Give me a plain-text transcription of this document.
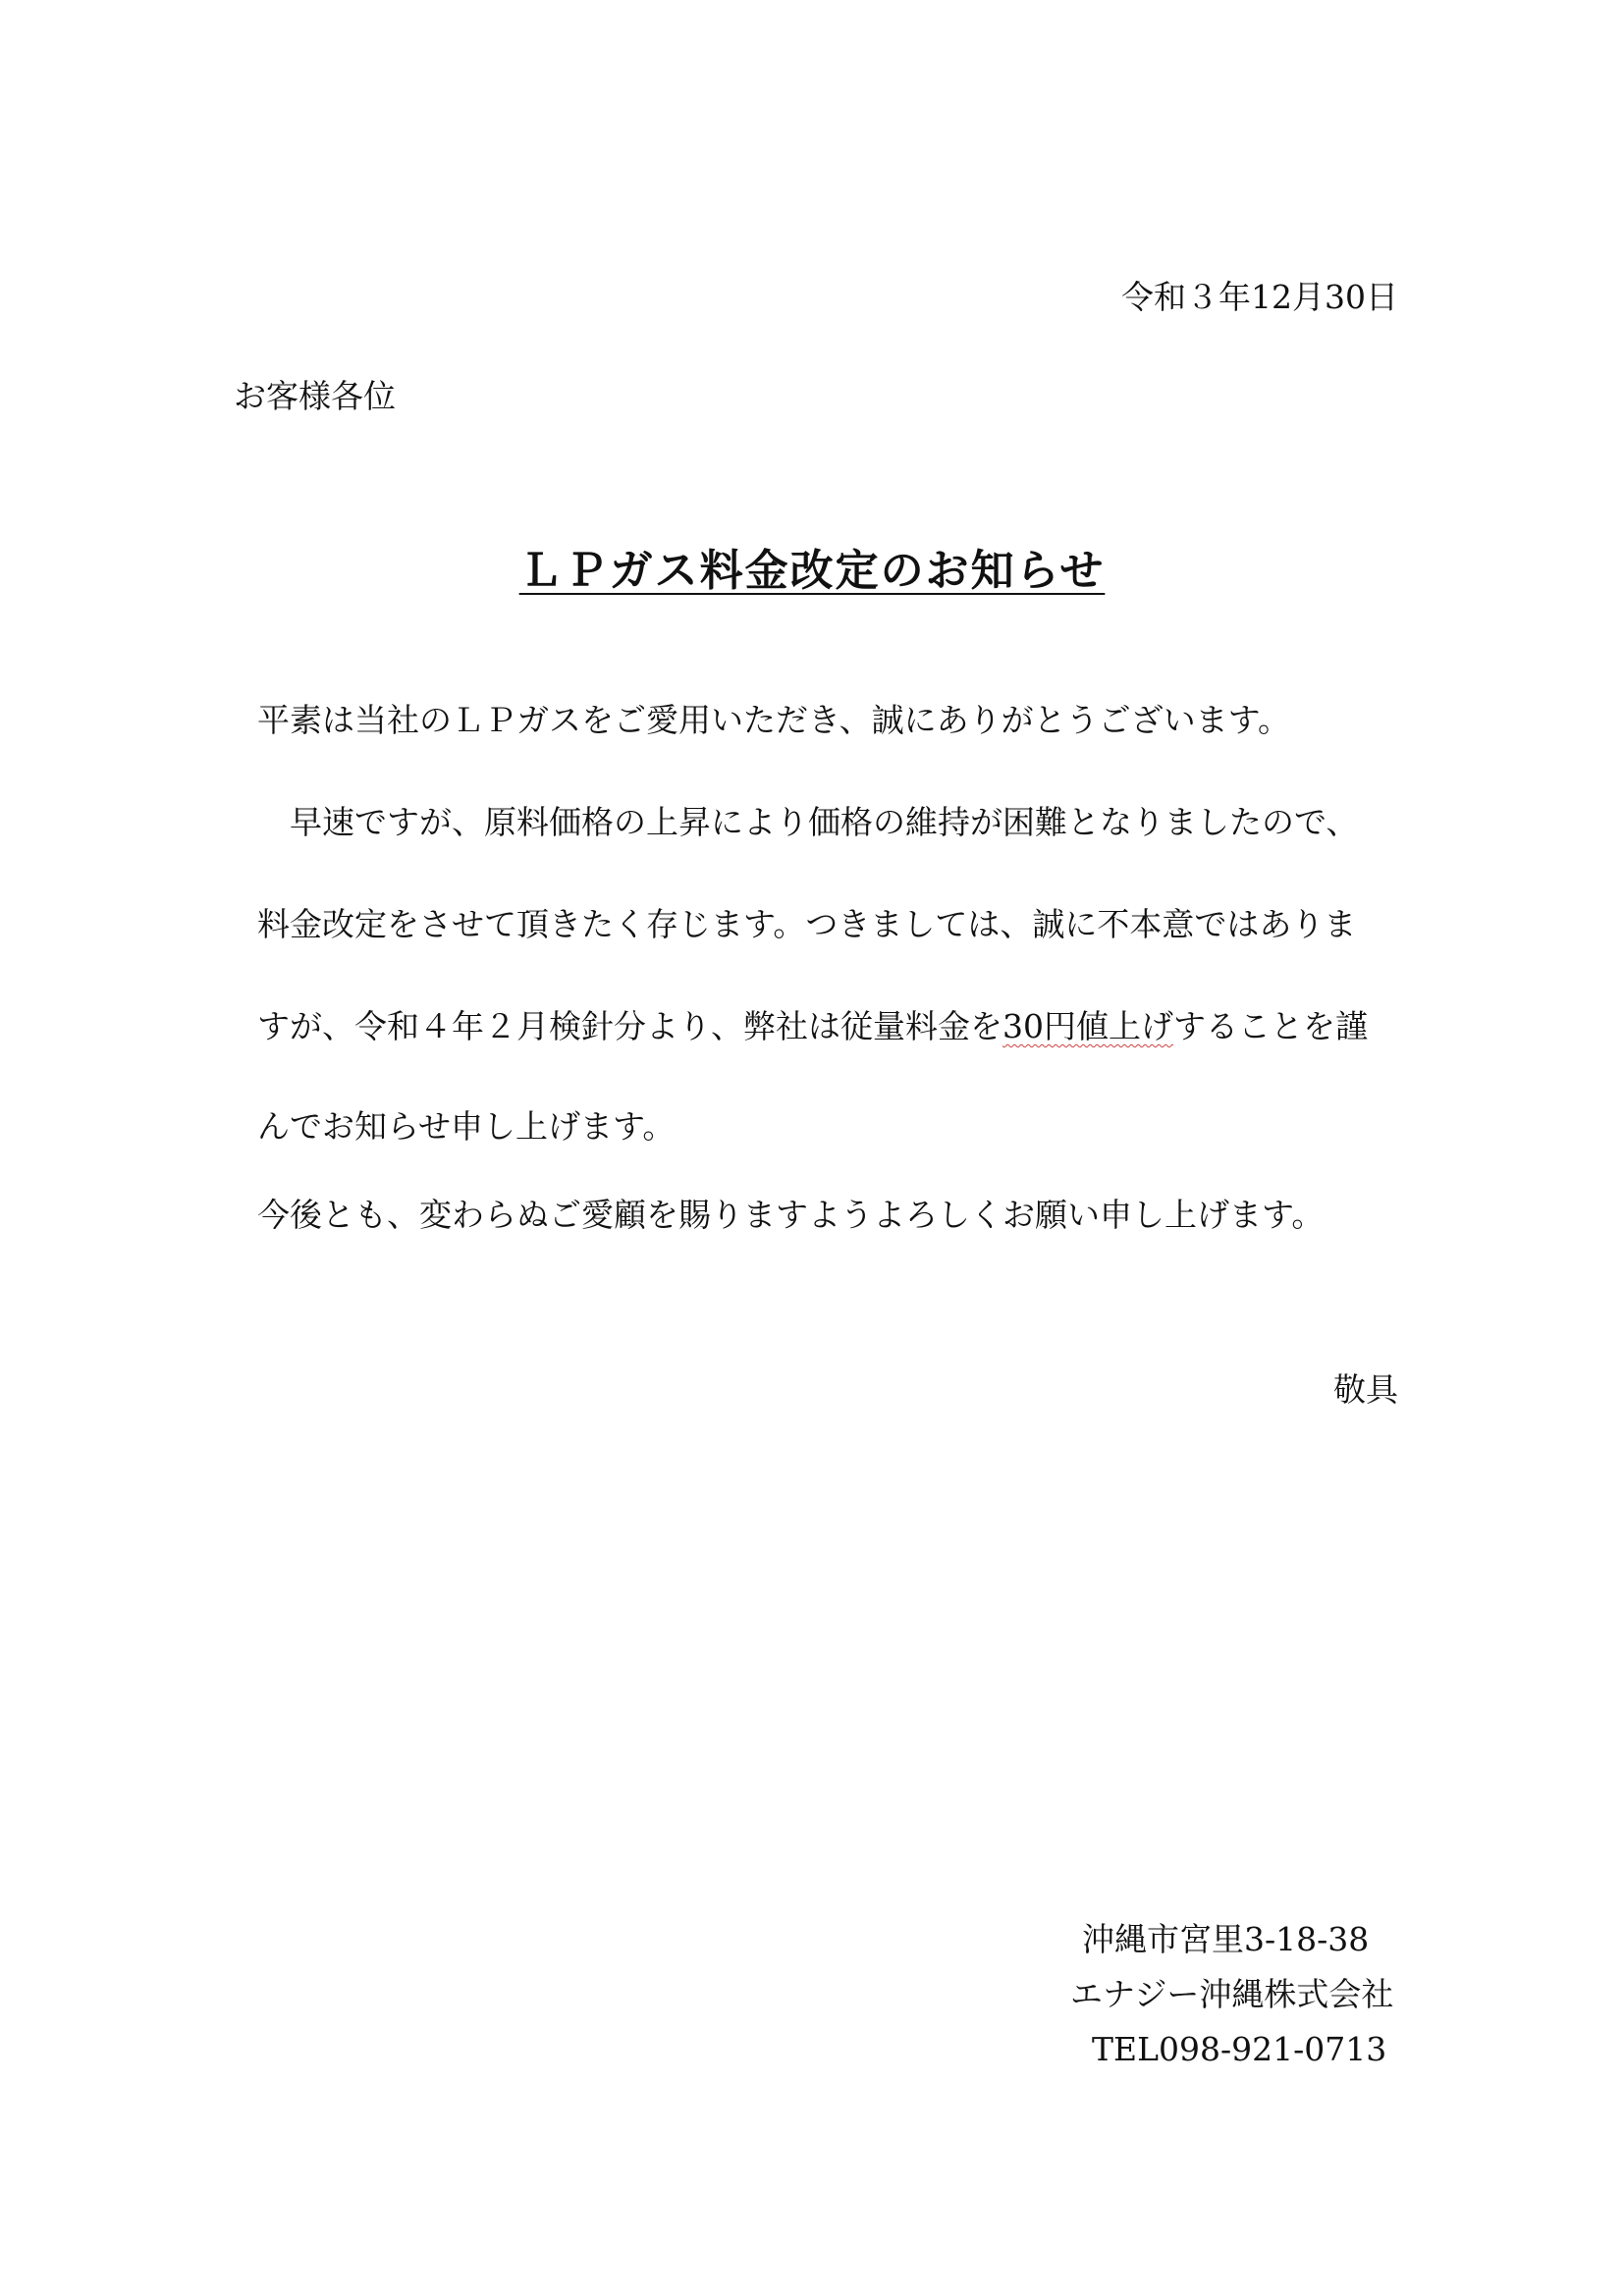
令和３年12月30日

お客様各位

ＬＰガス料金改定のお知らせ

平素は当社のＬＰガスをご愛用いただき、誠にありがとうございます。

　早速ですが、原料価格の上昇により価格の維持が困難となりましたので、

料金改定をさせて頂きたく存じます。つきましては、誠に不本意ではありま

すが、令和４年２月検針分より、弊社は従量料金を30円値上げすることを謹

んでお知らせ申し上げます。

今後とも、変わらぬご愛顧を賜りますようよろしくお願い申し上げます。

敬具

沖縄市宮里3-18-38
エナジー沖縄株式会社
TEL098-921-0713
